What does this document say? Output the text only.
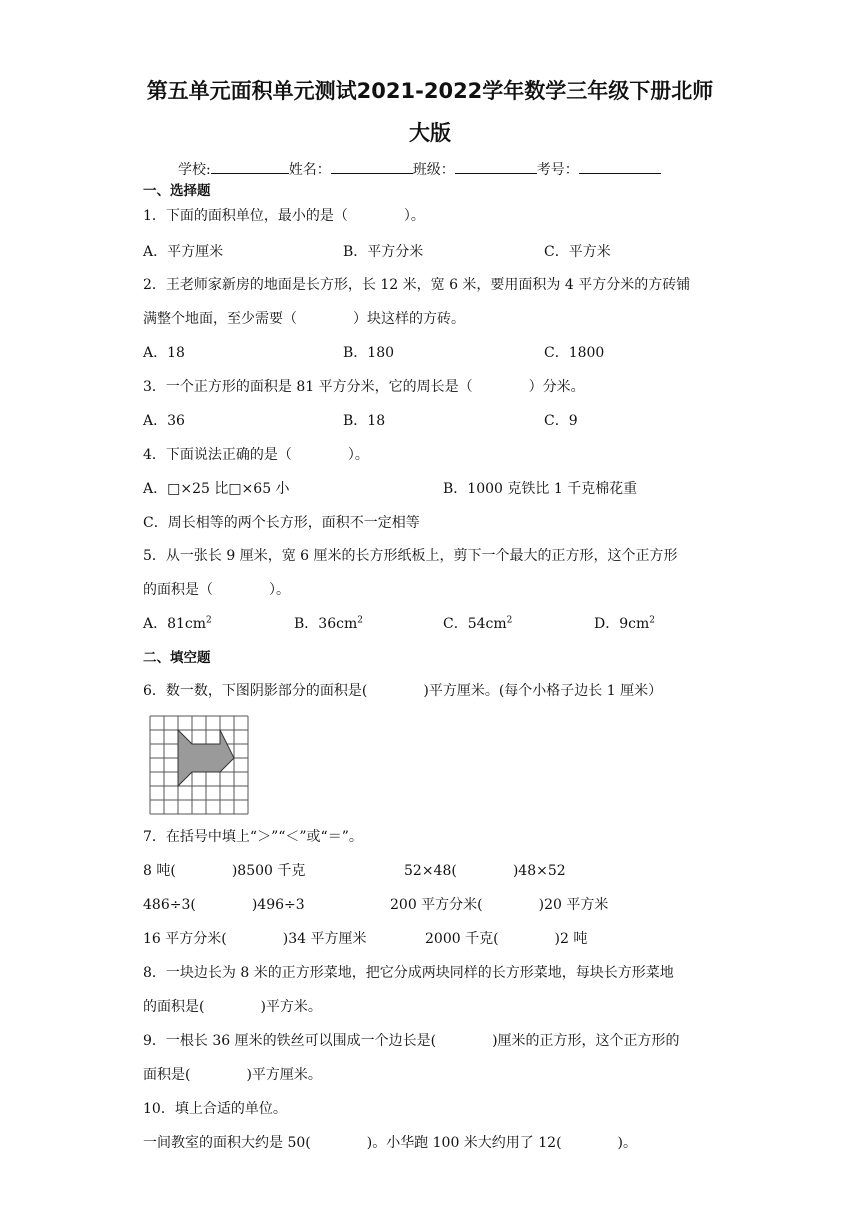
第五单元面积单元测试2021-2022学年数学三年级下册北师
大版
学校:	姓名：	班级：	考号：
一、选择题
1．下面的面积单位，最小的是（　　　　）。
A．平方厘米	B．平方分米	C．平方米
2．王老师家新房的地面是长方形，长 12 米，宽 6 米，要用面积为 4 平方分米的方砖铺
满整个地面，至少需要（　　　　）块这样的方砖。
A．18	B．180	C．1800
3．一个正方形的面积是 81 平方分米，它的周长是（　　　　）分米。
A．36	B．18	C．9
4．下面说法正确的是（　　　　）。
A．□×25 比□×65 小	B．1000 克铁比 1 千克棉花重
C．周长相等的两个长方形，面积不一定相等
5．从一张长 9 厘米，宽 6 厘米的长方形纸板上，剪下一个最大的正方形，这个正方形
的面积是（　　　　）。
A．$81cm^2$	B．$36cm^2$	C．$54cm^2$	D．$9cm^2$
二、填空题
6．数一数，下图阴影部分的面积是(　　　　)平方厘米。(每个小格子边长 1 厘米）
7．在括号中填上“＞”“＜”或“＝”。
8 吨(　　　　)8500 千克	52×48(　　　　)48×52
486÷3(　　　　)496÷3	200 平方分米(　　　　)20 平方米
16 平方分米(　　　　)34 平方厘米	2000 千克(　　　　)2 吨
8．一块边长为 8 米的正方形菜地，把它分成两块同样的长方形菜地，每块长方形菜地
的面积是(　　　　)平方米。
9．一根长 36 厘米的铁丝可以围成一个边长是(　　　　)厘米的正方形，这个正方形的
面积是(　　　　)平方厘米。
10．填上合适的单位。
一间教室的面积大约是 50(　　　　)。小华跑 100 米大约用了 12(　　　　)。
